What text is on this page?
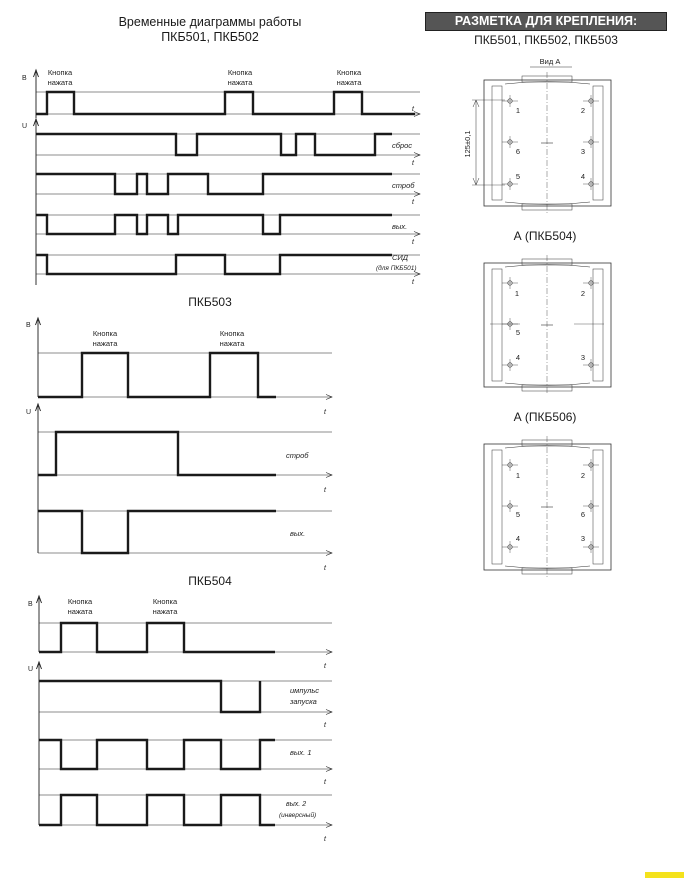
Временные диаграммы работы
ПКБ501, ПКБ502
РАЗМЕТКА ДЛЯ КРЕПЛЕНИЯ:
ПКБ501, ПКБ502, ПКБ503
ПКБ503
ПКБ504
А (ПКБ504)
А (ПКБ506)
B
U
t
Кнопка
нажата
Кнопка
нажата
Кнопка
нажата
t
t
t
t
сброс
строб
вых.
СИД
(для ПКБ501)
B
t
Кнопка
нажата
Кнопка
нажата
U
t
строб
t
вых.
B
t
Кнопка
нажата
Кнопка
нажата
U
t
импульс
запуска
t
вых. 1
t
вых. 2
(инверсный)
Вид А
125±0,1
1	2
6	3
5	4
1	2
5
4	3
1	2
5	6
4	3
